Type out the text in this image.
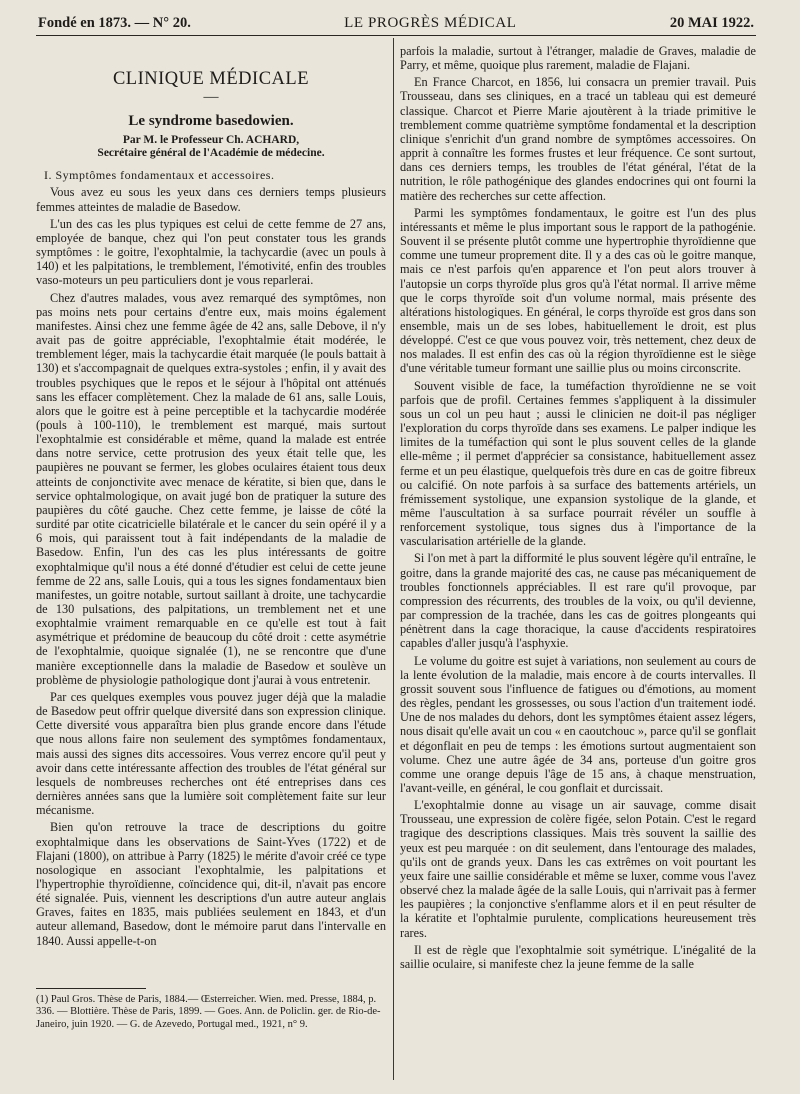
Fondé en 1873. — N° 20.	LE PROGRÈS MÉDICAL	20 MAI 1922.
CLINIQUE MÉDICALE
—
Le syndrome basedowien.
Par M. le Professeur Ch. ACHARD,
Secrétaire général de l'Académie de médecine.
I. Symptômes fondamentaux et accessoires.

Vous avez eu sous les yeux dans ces derniers temps plusieurs femmes atteintes de maladie de Basedow.

L'un des cas les plus typiques est celui de cette femme de 27 ans, employée de banque, chez qui l'on peut constater tous les grands symptômes : le goitre, l'exophtalmie, la tachycardie (avec un pouls à 140) et les palpitations, le tremblement, l'émotivité, enfin des troubles vaso-moteurs un peu particuliers dont je vous reparlerai.

Chez d'autres malades, vous avez remarqué des symptômes, non pas moins nets pour certains d'entre eux, mais moins également manifestes. Ainsi chez une femme âgée de 42 ans, salle Debove, il n'y avait pas de goitre appréciable, l'exophtalmie était modérée, le tremblement léger, mais la tachycardie était marquée (le pouls battait à 130) et s'accompagnait de quelques extra-systoles ; enfin, il y avait des troubles psychiques que le repos et le séjour à l'hôpital ont atténués sans les effacer complètement. Chez la malade de 61 ans, salle Louis, alors que le goitre est à peine perceptible et la tachycardie modérée (pouls à 100-110), le tremblement est marqué, mais surtout l'exophtalmie est considérable et même, quand la malade est entrée dans notre service, cette protrusion des yeux était telle que, les paupières ne pouvant se fermer, les globes oculaires étaient tous deux atteints de conjonctivite avec menace de kératite, si bien que, dans le service ophtalmologique, on avait jugé bon de pratiquer la suture des paupières du côté gauche. Chez cette femme, je laisse de côté la surdité par otite cicatricielle bilatérale et le cancer du sein opéré il y a 6 mois, qui paraissent tout à fait indépendants de la maladie de Basedow. Enfin, l'un des cas les plus intéressants de goitre exophtalmique qu'il nous a été donné d'étudier est celui de cette jeune femme de 22 ans, salle Louis, qui a tous les signes fondamentaux bien manifestes, un goitre notable, surtout saillant à droite, une tachycardie de 130 pulsations, des palpitations, un tremblement net et une exophtalmie vraiment remarquable en ce qu'elle est tout à fait asymétrique et prédomine de beaucoup du côté droit : cette asymétrie de l'exophtalmie, quoique signalée (1), ne se rencontre que d'une manière exceptionnelle dans la maladie de Basedow et soulève un problème de physiologie pathologique dont j'aurai à vous entretenir.

Par ces quelques exemples vous pouvez juger déjà que la maladie de Basedow peut offrir quelque diversité dans son expression clinique. Cette diversité vous apparaîtra bien plus grande encore dans l'étude que nous allons faire non seulement des symptômes fondamentaux, mais aussi des signes dits accessoires. Vous verrez encore qu'il peut y avoir dans cette intéressante affection des troubles de l'état général sur lesquels de nombreuses recherches ont été entreprises dans ces dernières années sans que la lumière soit complètement faite sur leur mécanisme.

Bien qu'on retrouve la trace de descriptions du goitre exophtalmique dans les observations de Saint-Yves (1722) et de Flajani (1800), on attribue à Parry (1825) le mérite d'avoir créé ce type nosologique en associant l'exophtalmie, les palpitations et l'hypertrophie thyroïdienne, coïncidence qui, dit-il, n'avait pas encore été signalée. Puis, viennent les descriptions d'un autre auteur anglais Graves, faites en 1835, mais publiées seulement en 1843, et d'un auteur allemand, Basedow, dont le mémoire parut dans l'intervalle en 1840. Aussi appelle-t-on

(1) Paul Gros. Thèse de Paris, 1884.— Œsterreicher. Wien. med. Presse, 1884, p. 336. — Blottière. Thèse de Paris, 1899. — Goes. Ann. de Policlin. ger. de Rio-de-Janeiro, juin 1920. — G. de Azevedo, Portugal med., 1921, n° 9.

parfois la maladie, surtout à l'étranger, maladie de Graves, maladie de Parry, et même, quoique plus rarement, maladie de Flajani.

En France Charcot, en 1856, lui consacra un premier travail. Puis Trousseau, dans ses cliniques, en a tracé un tableau qui est demeuré classique. Charcot et Pierre Marie ajoutèrent à la triade primitive le tremblement comme quatrième symptôme fondamental et la description clinique s'enrichit d'un grand nombre de symptômes accessoires. On apprit à connaître les formes frustes et leur fréquence. Ce sont surtout, dans ces derniers temps, les troubles de l'état général, l'état de la nutrition, le rôle pathogénique des glandes endocrines qui ont fourni la matière des recherches sur cette affection.

Parmi les symptômes fondamentaux, le goitre est l'un des plus intéressants et même le plus important sous le rapport de la pathogénie. Souvent il se présente plutôt comme une hypertrophie thyroïdienne que comme une tumeur proprement dite. Il y a des cas où le goitre manque, mais ce n'est parfois qu'en apparence et l'on peut alors trouver à l'autopsie un corps thyroïde plus gros qu'à l'état normal. Il arrive même que le corps thyroïde soit d'un volume normal, mais présente des altérations histologiques. En général, le corps thyroïde est gros dans son ensemble, mais un de ses lobes, habituellement le droit, est plus développé. C'est ce que vous pouvez voir, très nettement, chez deux de nos malades. Il est enfin des cas où la région thyroïdienne est le siège d'une véritable tumeur formant une saillie plus ou moins circonscrite.

Souvent visible de face, la tuméfaction thyroïdienne ne se voit parfois que de profil. Certaines femmes s'appliquent à la dissimuler sous un col un peu haut ; aussi le clinicien ne doit-il pas négliger l'exploration du corps thyroïde dans ses examens. Le palper indique les limites de la tuméfaction qui sont le plus souvent celles de la glande elle-même ; il permet d'apprécier sa consistance, habituellement assez ferme et un peu élastique, quelquefois très dure en cas de goitre fibreux ou calcifié. On note parfois à sa surface des battements artériels, un frémissement systolique, une expansion systolique de la glande, et même l'auscultation à sa surface pourrait révéler un souffle à renforcement systolique, tous signes dus à l'importance de la vascularisation artérielle de la glande.

Si l'on met à part la difformité le plus souvent légère qu'il entraîne, le goitre, dans la grande majorité des cas, ne cause pas mécaniquement de troubles fonctionnels appréciables. Il est rare qu'il provoque, par compression des récurrents, des troubles de la voix, ou qu'il devienne, par compression de la trachée, dans les cas de goitres plongeants qui pénètrent dans la cage thoracique, la cause d'accidents respiratoires capables d'aller jusqu'à l'asphyxie.

Le volume du goitre est sujet à variations, non seulement au cours de la lente évolution de la maladie, mais encore à de courts intervalles. Il grossit souvent sous l'influence de fatigues ou d'émotions, au moment des règles, pendant les grossesses, ou sous l'action d'un traitement iodé. Une de nos malades du dehors, dont les symptômes étaient assez légers, nous disait qu'elle avait un cou « en caoutchouc », parce qu'il se gonflait et dégonflait en peu de temps : les émotions surtout augmentaient son volume. Chez une autre âgée de 34 ans, porteuse d'un goitre gros comme une orange depuis l'âge de 15 ans, à chaque menstruation, l'avant-veille, en général, le cou gonflait et durcissait.

L'exophtalmie donne au visage un air sauvage, comme disait Trousseau, une expression de colère figée, selon Potain. C'est le regard tragique des descriptions classiques. Mais très souvent la saillie des yeux est peu marquée : on dit seulement, dans l'entourage des malades, qu'ils ont de grands yeux. Dans les cas extrêmes on voit pourtant les yeux faire une saillie considérable et même se luxer, comme vous l'avez observé chez la malade âgée de la salle Louis, qui n'arrivait pas à fermer les paupières ; la conjonctive s'enflamme alors et il en peut résulter de la kératite et l'ophtalmie purulente, complications heureusement très rares.

Il est de règle que l'exophtalmie soit symétrique. L'inégalité de la saillie oculaire, si manifeste chez la jeune femme de la salle
